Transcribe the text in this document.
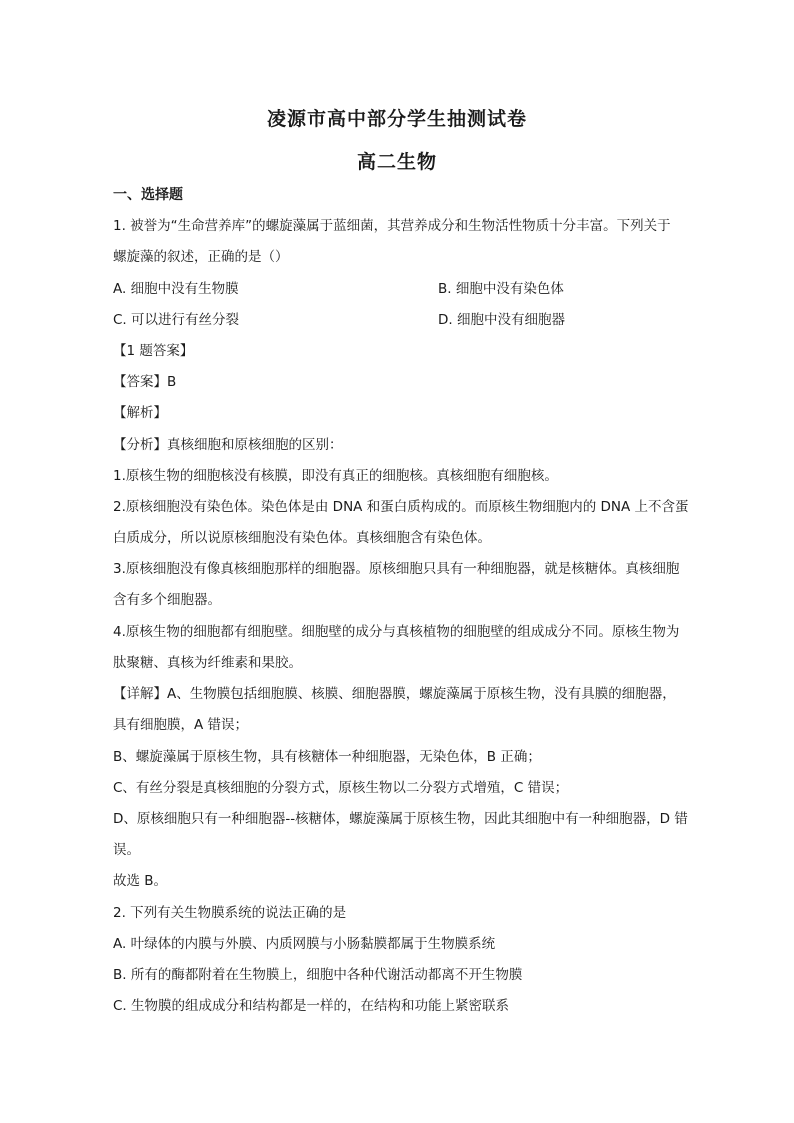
凌源市高中部分学生抽测试卷
高二生物
一、选择题
1. 被誉为“生命营养库”的螺旋藻属于蓝细菌，其营养成分和生物活性物质十分丰富。下列关于
螺旋藻的叙述，正确的是（）
A. 细胞中没有生物膜	B. 细胞中没有染色体
C. 可以进行有丝分裂	D. 细胞中没有细胞器
【1 题答案】
【答案】B
【解析】
【分析】真核细胞和原核细胞的区别：
1.原核生物的细胞核没有核膜，即没有真正的细胞核。真核细胞有细胞核。
2.原核细胞没有染色体。染色体是由 DNA 和蛋白质构成的。而原核生物细胞内的 DNA 上不含蛋
白质成分，所以说原核细胞没有染色体。真核细胞含有染色体。
3.原核细胞没有像真核细胞那样的细胞器。原核细胞只具有一种细胞器，就是核糖体。真核细胞
含有多个细胞器。
4.原核生物的细胞都有细胞壁。细胞壁的成分与真核植物的细胞壁的组成成分不同。原核生物为
肽聚糖、真核为纤维素和果胶。
【详解】A、生物膜包括细胞膜、核膜、细胞器膜，螺旋藻属于原核生物，没有具膜的细胞器，
具有细胞膜，A 错误；
B、螺旋藻属于原核生物，具有核糖体一种细胞器，无染色体，B 正确；
C、有丝分裂是真核细胞的分裂方式，原核生物以二分裂方式增殖，C 错误；
D、原核细胞只有一种细胞器--核糖体，螺旋藻属于原核生物，因此其细胞中有一种细胞器，D 错
误。
故选 B。
2. 下列有关生物膜系统的说法正确的是
A. 叶绿体的内膜与外膜、内质网膜与小肠黏膜都属于生物膜系统
B. 所有的酶都附着在生物膜上，细胞中各种代谢活动都离不开生物膜
C. 生物膜的组成成分和结构都是一样的，在结构和功能上紧密联系
